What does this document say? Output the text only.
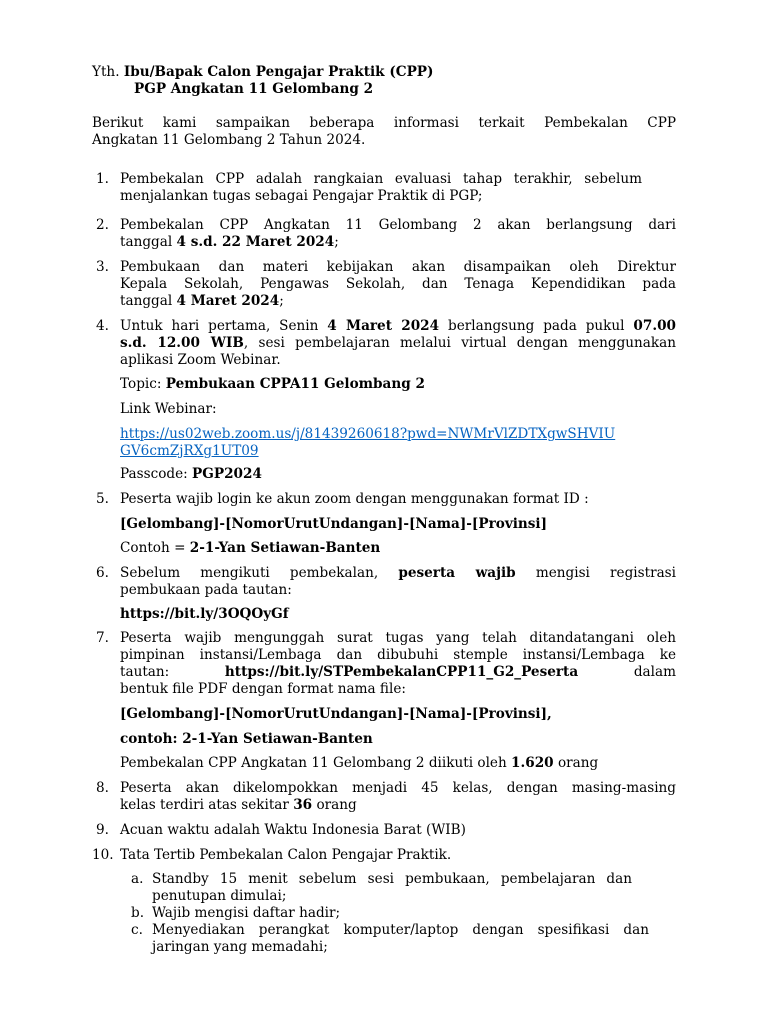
Yth. Ibu/Bapak Calon Pengajar Praktik (CPP)
PGP Angkatan 11 Gelombang 2
Berikut kami sampaikan beberapa informasi terkait Pembekalan CPP
Angkatan 11 Gelombang 2 Tahun 2024.
1. Pembekalan CPP adalah rangkaian evaluasi tahap terakhir, sebelum
menjalankan tugas sebagai Pengajar Praktik di PGP;
2. Pembekalan CPP Angkatan 11 Gelombang 2 akan berlangsung dari
tanggal 4 s.d. 22 Maret 2024;
3. Pembukaan dan materi kebijakan akan disampaikan oleh Direktur
Kepala Sekolah, Pengawas Sekolah, dan Tenaga Kependidikan pada
tanggal 4 Maret 2024;
4. Untuk hari pertama, Senin 4 Maret 2024 berlangsung pada pukul 07.00
s.d. 12.00 WIB, sesi pembelajaran melalui virtual dengan menggunakan
aplikasi Zoom Webinar.
Topic: Pembukaan CPPA11 Gelombang 2
Link Webinar:
https://us02web.zoom.us/j/81439260618?pwd=NWMrVlZDTXgwSHVIU
GV6cmZjRXg1UT09
Passcode: PGP2024
5. Peserta wajib login ke akun zoom dengan menggunakan format ID :
[Gelombang]-[NomorUrutUndangan]-[Nama]-[Provinsi]
Contoh = 2-1-Yan Setiawan-Banten
6. Sebelum mengikuti pembekalan, peserta wajib mengisi registrasi
pembukaan pada tautan:
https://bit.ly/3OQOyGf
7. Peserta wajib mengunggah surat tugas yang telah ditandatangani oleh
pimpinan instansi/Lembaga dan dibubuhi stemple instansi/Lembaga ke
tautan:	https://bit.ly/STPembekalanCPP11_G2_Peserta	dalam
bentuk file PDF dengan format nama file:
[Gelombang]-[NomorUrutUndangan]-[Nama]-[Provinsi],
contoh: 2-1-Yan Setiawan-Banten
Pembekalan CPP Angkatan 11 Gelombang 2 diikuti oleh 1.620 orang
8. Peserta akan dikelompokkan menjadi 45 kelas, dengan masing-masing
kelas terdiri atas sekitar 36 orang
9. Acuan waktu adalah Waktu Indonesia Barat (WIB)
10. Tata Tertib Pembekalan Calon Pengajar Praktik.
a. Standby 15 menit sebelum sesi pembukaan, pembelajaran dan
penutupan dimulai;
b. Wajib mengisi daftar hadir;
c. Menyediakan perangkat komputer/laptop dengan spesifikasi dan
jaringan yang memadahi;
